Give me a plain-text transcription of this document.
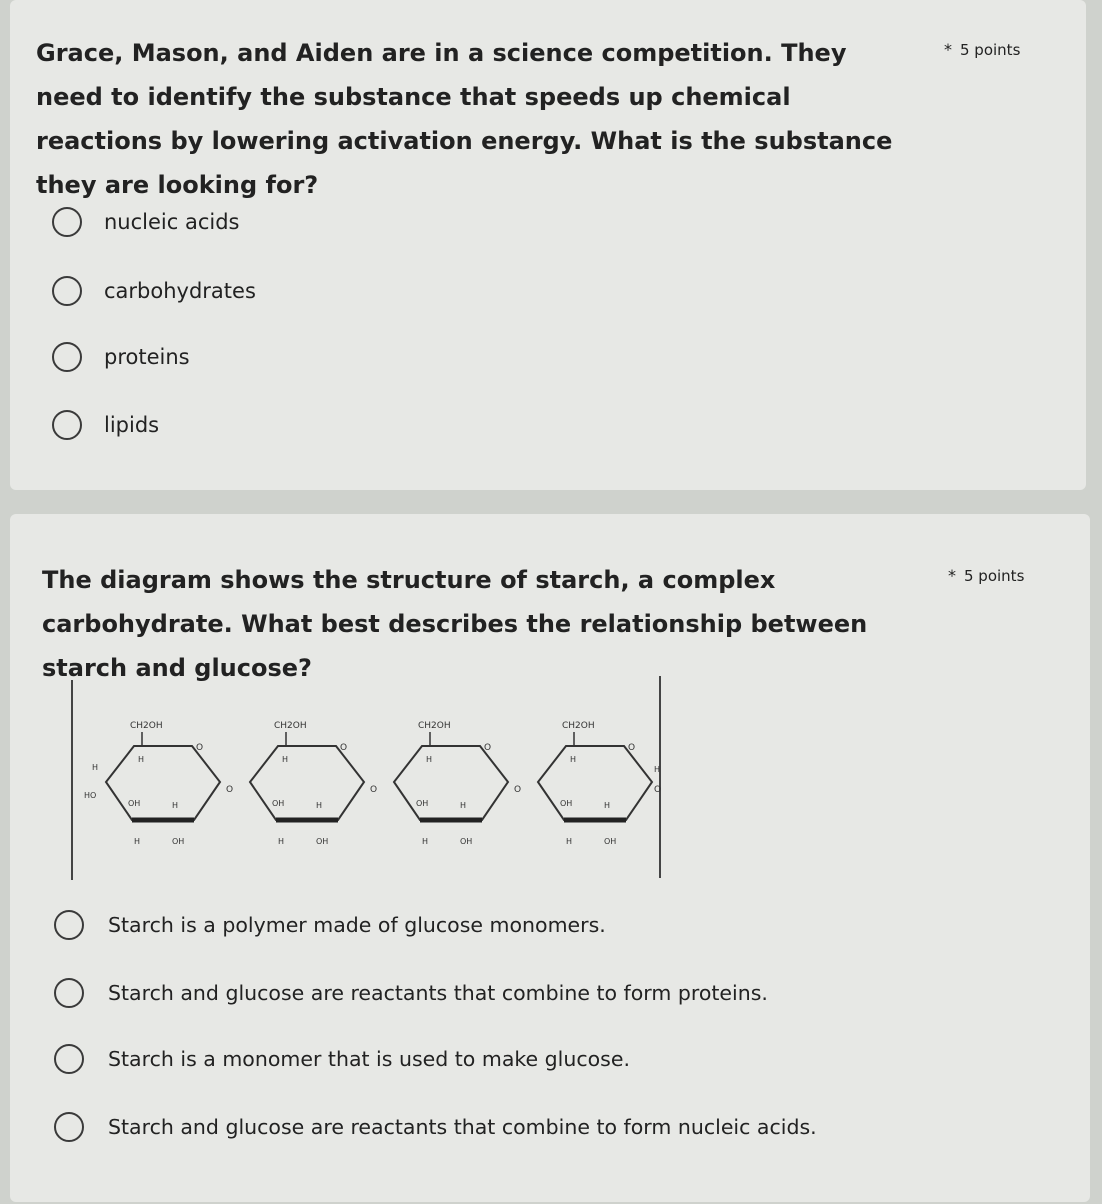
Grace, Mason, and Aiden are in a science competition. They need to identify the substance that speeds up chemical reactions by lowering activation energy. What is the substance they are looking for?
* 5 points
nucleic acids
carbohydrates
proteins
lipids
The diagram shows the structure of starch, a complex carbohydrate. What best describes the relationship between starch and glucose?
* 5 points
CH2OH
O
H
OH	H
H	OH
O
HO
H
CH2OH
O
H
OH	H
H	OH
O
CH2OH
O
H
OH	H
H	OH
O
CH2OH
O
H
OH	H
H	OH
O
H
Starch is a polymer made of glucose monomers.
Starch and glucose are reactants that combine to form proteins.
Starch is a monomer that is used to make glucose.
Starch and glucose are reactants that combine to form nucleic acids.
